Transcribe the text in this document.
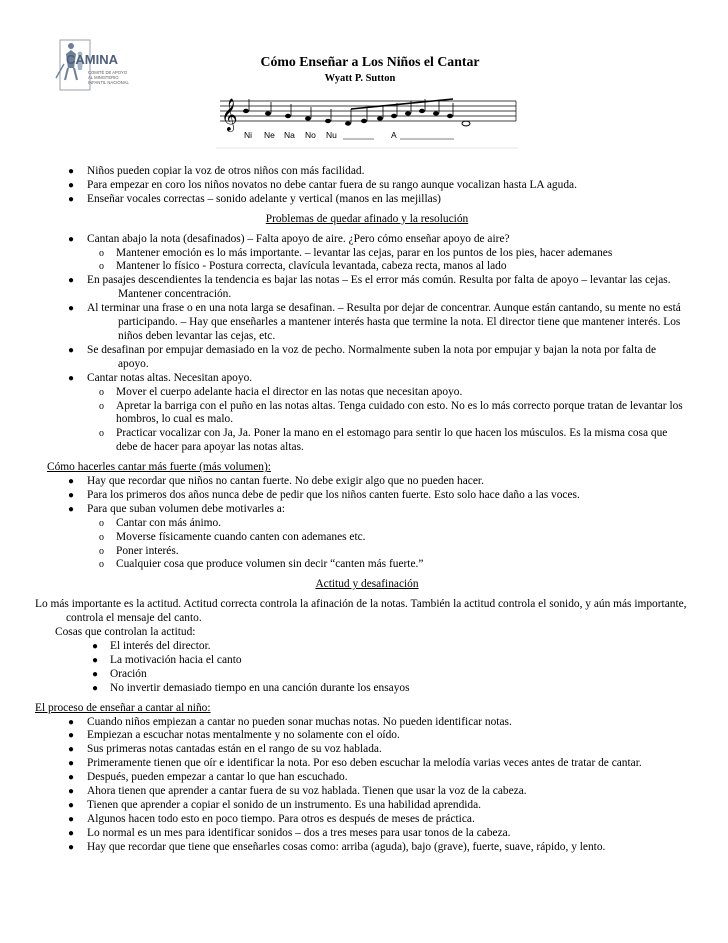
CAMINA
COMITÉ DE APOYO
AL MINISTERIO
INFANTIL NACIONAL
Cómo Enseñar a Los Niños el Cantar
Wyatt P. Sutton
𝄞
Ni Ne Na No Nu	A
● Niños pueden copiar la voz de otros niños con más facilidad.
● Para empezar en coro los niños novatos no debe cantar fuera de su rango aunque vocalizan hasta LA aguda.
● Enseñar vocales correctas – sonido adelante y vertical (manos en las mejillas)
Problemas de quedar afinado y la resolución
● Cantan abajo la nota (desafinados) – Falta apoyo de aire. ¿Pero cómo enseñar apoyo de aire?
o Mantener emoción es lo más importante. – levantar las cejas, parar en los puntos de los pies, hacer ademanes
o Mantener lo físico - Postura correcta, clavícula levantada, cabeza recta, manos al lado
● En pasajes descendientes la tendencia es bajar las notas – Es el error más común. Resulta por falta de apoyo – levantar las cejas. Mantener concentración.
● Al terminar una frase o en una nota larga se desafinan. – Resulta por dejar de concentrar. Aunque están cantando, su mente no está participando. – Hay que enseñarles a mantener interés hasta que termine la nota. El director tiene que mantener interés. Los niños deben levantar las cejas, etc.
● Se desafinan por empujar demasiado en la voz de pecho. Normalmente suben la nota por empujar y bajan la nota por falta de apoyo.
● Cantar notas altas. Necesitan apoyo.
o Mover el cuerpo adelante hacia el director en las notas que necesitan apoyo.
o Apretar la barriga con el puño en las notas altas. Tenga cuidado con esto. No es lo más correcto porque tratan de levantar los hombros, lo cual es malo.
o Practicar vocalizar con Ja, Ja. Poner la mano en el estomago para sentir lo que hacen los músculos. Es la misma cosa que debe de hacer para apoyar las notas altas.
Cómo hacerles cantar más fuerte (más volumen):
● Hay que recordar que niños no cantan fuerte. No debe exigir algo que no pueden hacer.
● Para los primeros dos años nunca debe de pedir que los niños canten fuerte. Esto solo hace daño a las voces.
● Para que suban volumen debe motivarles a:
o Cantar con más ánimo.
o Moverse físicamente cuando canten con ademanes etc.
o Poner interés.
o Cualquier cosa que produce volumen sin decir “canten más fuerte.”
Actitud y desafinación
Lo más importante es la actitud. Actitud correcta controla la afinación de la notas. También la actitud controla el sonido, y aún más importante, controla el mensaje del canto.
Cosas que controlan la actitud:
● El interés del director.
● La motivación hacia el canto
● Oración
● No invertir demasiado tiempo en una canción durante los ensayos
El proceso de enseñar a cantar al niño:
● Cuando niños empiezan a cantar no pueden sonar muchas notas. No pueden identificar notas.
● Empiezan a escuchar notas mentalmente y no solamente con el oído.
● Sus primeras notas cantadas están en el rango de su voz hablada.
● Primeramente tienen que oír e identificar la nota. Por eso deben escuchar la melodía varias veces antes de tratar de cantar.
● Después, pueden empezar a cantar lo que han escuchado.
● Ahora tienen que aprender a cantar fuera de su voz hablada. Tienen que usar la voz de la cabeza.
● Tienen que aprender a copiar el sonido de un instrumento. Es una habilidad aprendida.
● Algunos hacen todo esto en poco tiempo. Para otros es después de meses de práctica.
● Lo normal es un mes para identificar sonidos – dos a tres meses para usar tonos de la cabeza.
● Hay que recordar que tiene que enseñarles cosas como: arriba (aguda), bajo (grave), fuerte, suave, rápido, y lento.
